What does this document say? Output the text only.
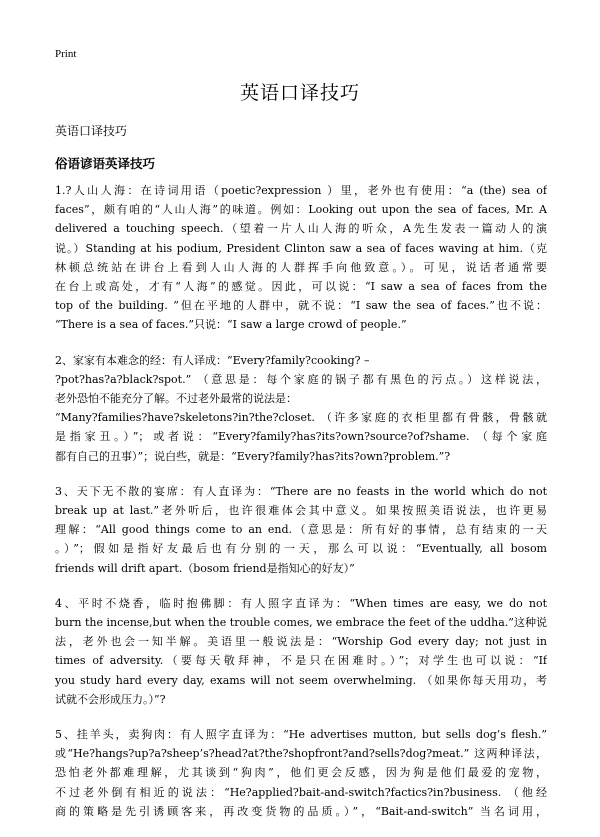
Print
英语口译技巧
英语口译技巧
俗语谚语英译技巧
1.?人山人海：在诗词用语（poetic?expression ）里，老外也有使用：“a (the) sea of
faces”，颇有咱的“人山人海”的味道。例如：Looking out upon the sea of faces, Mr. A
delivered a touching speech.（望着一片人山人海的听众，A先生发表一篇动人的演
说。）Standing at his podium, President Clinton saw a sea of faces waving at him.（克
林顿总统站在讲台上看到人山人海的人群挥手向他致意。）。可见，说话者通常要
在台上或高处，才有“人海”的感觉。因此，可以说：“I saw a sea of faces from the
top of the building. ”但在平地的人群中，就不说：“I saw the sea of faces.”也不说：
“There is a sea of faces.”只说：“I saw a large crowd of people.”
2、家家有本难念的经：有人译成：“Every?family?cooking? –
?pot?has?a?black?spot.” （意思是：每个家庭的锅子都有黑色的污点。）这样说法，
老外恐怕不能充分了解。不过老外最常的说法是：
“Many?families?have?skeletons?in?the?closet. （许多家庭的衣柜里都有骨骸，骨骸就
是指家丑。）”；或者说：“Every?family?has?its?own?source?of?shame. （每个家庭
都有自己的丑事）”；说白些，就是：“Every?family?has?its?own?problem.”?
3、天下无不散的宴席：有人直译为：“There are no feasts in the world which do not
break up at last.”老外听后，也许很难体会其中意义。如果按照美语说法，也许更易
理解：“All good things come to an end.（意思是：所有好的事情，总有结束的一天
。）”；假如是指好友最后也有分别的一天，那么可以说：“Eventually, all bosom
friends will drift apart.（bosom friend是指知心的好友）”
4、平时不烧香，临时抱佛脚：有人照字直译为：“When times are easy, we do not
burn the incense,but when the trouble comes, we embrace the feet of the uddha.”这种说
法，老外也会一知半解。美语里一般说法是：“Worship God every day; not just in
times of adversity.（要每天敬拜神，不是只在困难时。）”；对学生也可以说：“If
you study hard every day, exams will not seem overwhelming. （如果你每天用功，考
试就不会形成压力。）”?
5、挂羊头，卖狗肉：有人照字直译为：“He advertises mutton, but sells dog’s flesh.”
或“He?hangs?up?a?sheep’s?head?at?the?shopfront?and?sells?dog?meat.” 这两种译法，
恐怕老外都难理解，尤其谈到“狗肉”，他们更会反感，因为狗是他们最爱的宠物，
不过老外倒有相近的说法：“He?applied?bait-and-switch?factics?in?business. （他经
商的策略是先引诱顾客来，再改变货物的品质。）”，“Bait-and-switch” 当名词用，
